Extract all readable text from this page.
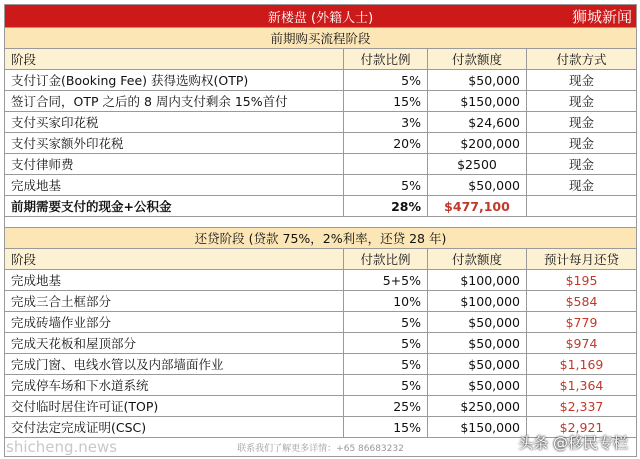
新楼盘 (外籍人士) 狮城新闻			

前期购买流程阶段			
阶段	付款比例	付款额度	付款方式
支付订金(Booking Fee) 获得选购权(OTP)	5%	$50,000	现金
签订合同，OTP 之后的 8 周内支付剩余 15%首付	15%	$150,000	现金
支付买家印花税	3%	$24,600	现金
支付买家额外印花税	20%	$200,000	现金
支付律师费		$2500	现金
完成地基	5%	$50,000	现金
前期需要支付的现金+公积金	28%	$477,100	

还贷阶段 (贷款 75%，2%利率，还贷 28 年)			
阶段	付款比例	付款额度	预计每月还贷
完成地基	5+5%	$100,000	$195
完成三合土框部分	10%	$100,000	$584
完成砖墙作业部分	5%	$50,000	$779
完成天花板和屋顶部分	5%	$50,000	$974
完成门窗、电线水管以及内部墙面作业	5%	$50,000	$1,169
完成停车场和下水道系统	5%	$50,000	$1,364
交付临时居住许可证(TOP)	25%	$250,000	$2,337
交付法定完成证明(CSC)	15%	$150,000	$2,921
联系我们了解更多详情：+65 86683232			
shicheng.news	头条 @移民专栏
